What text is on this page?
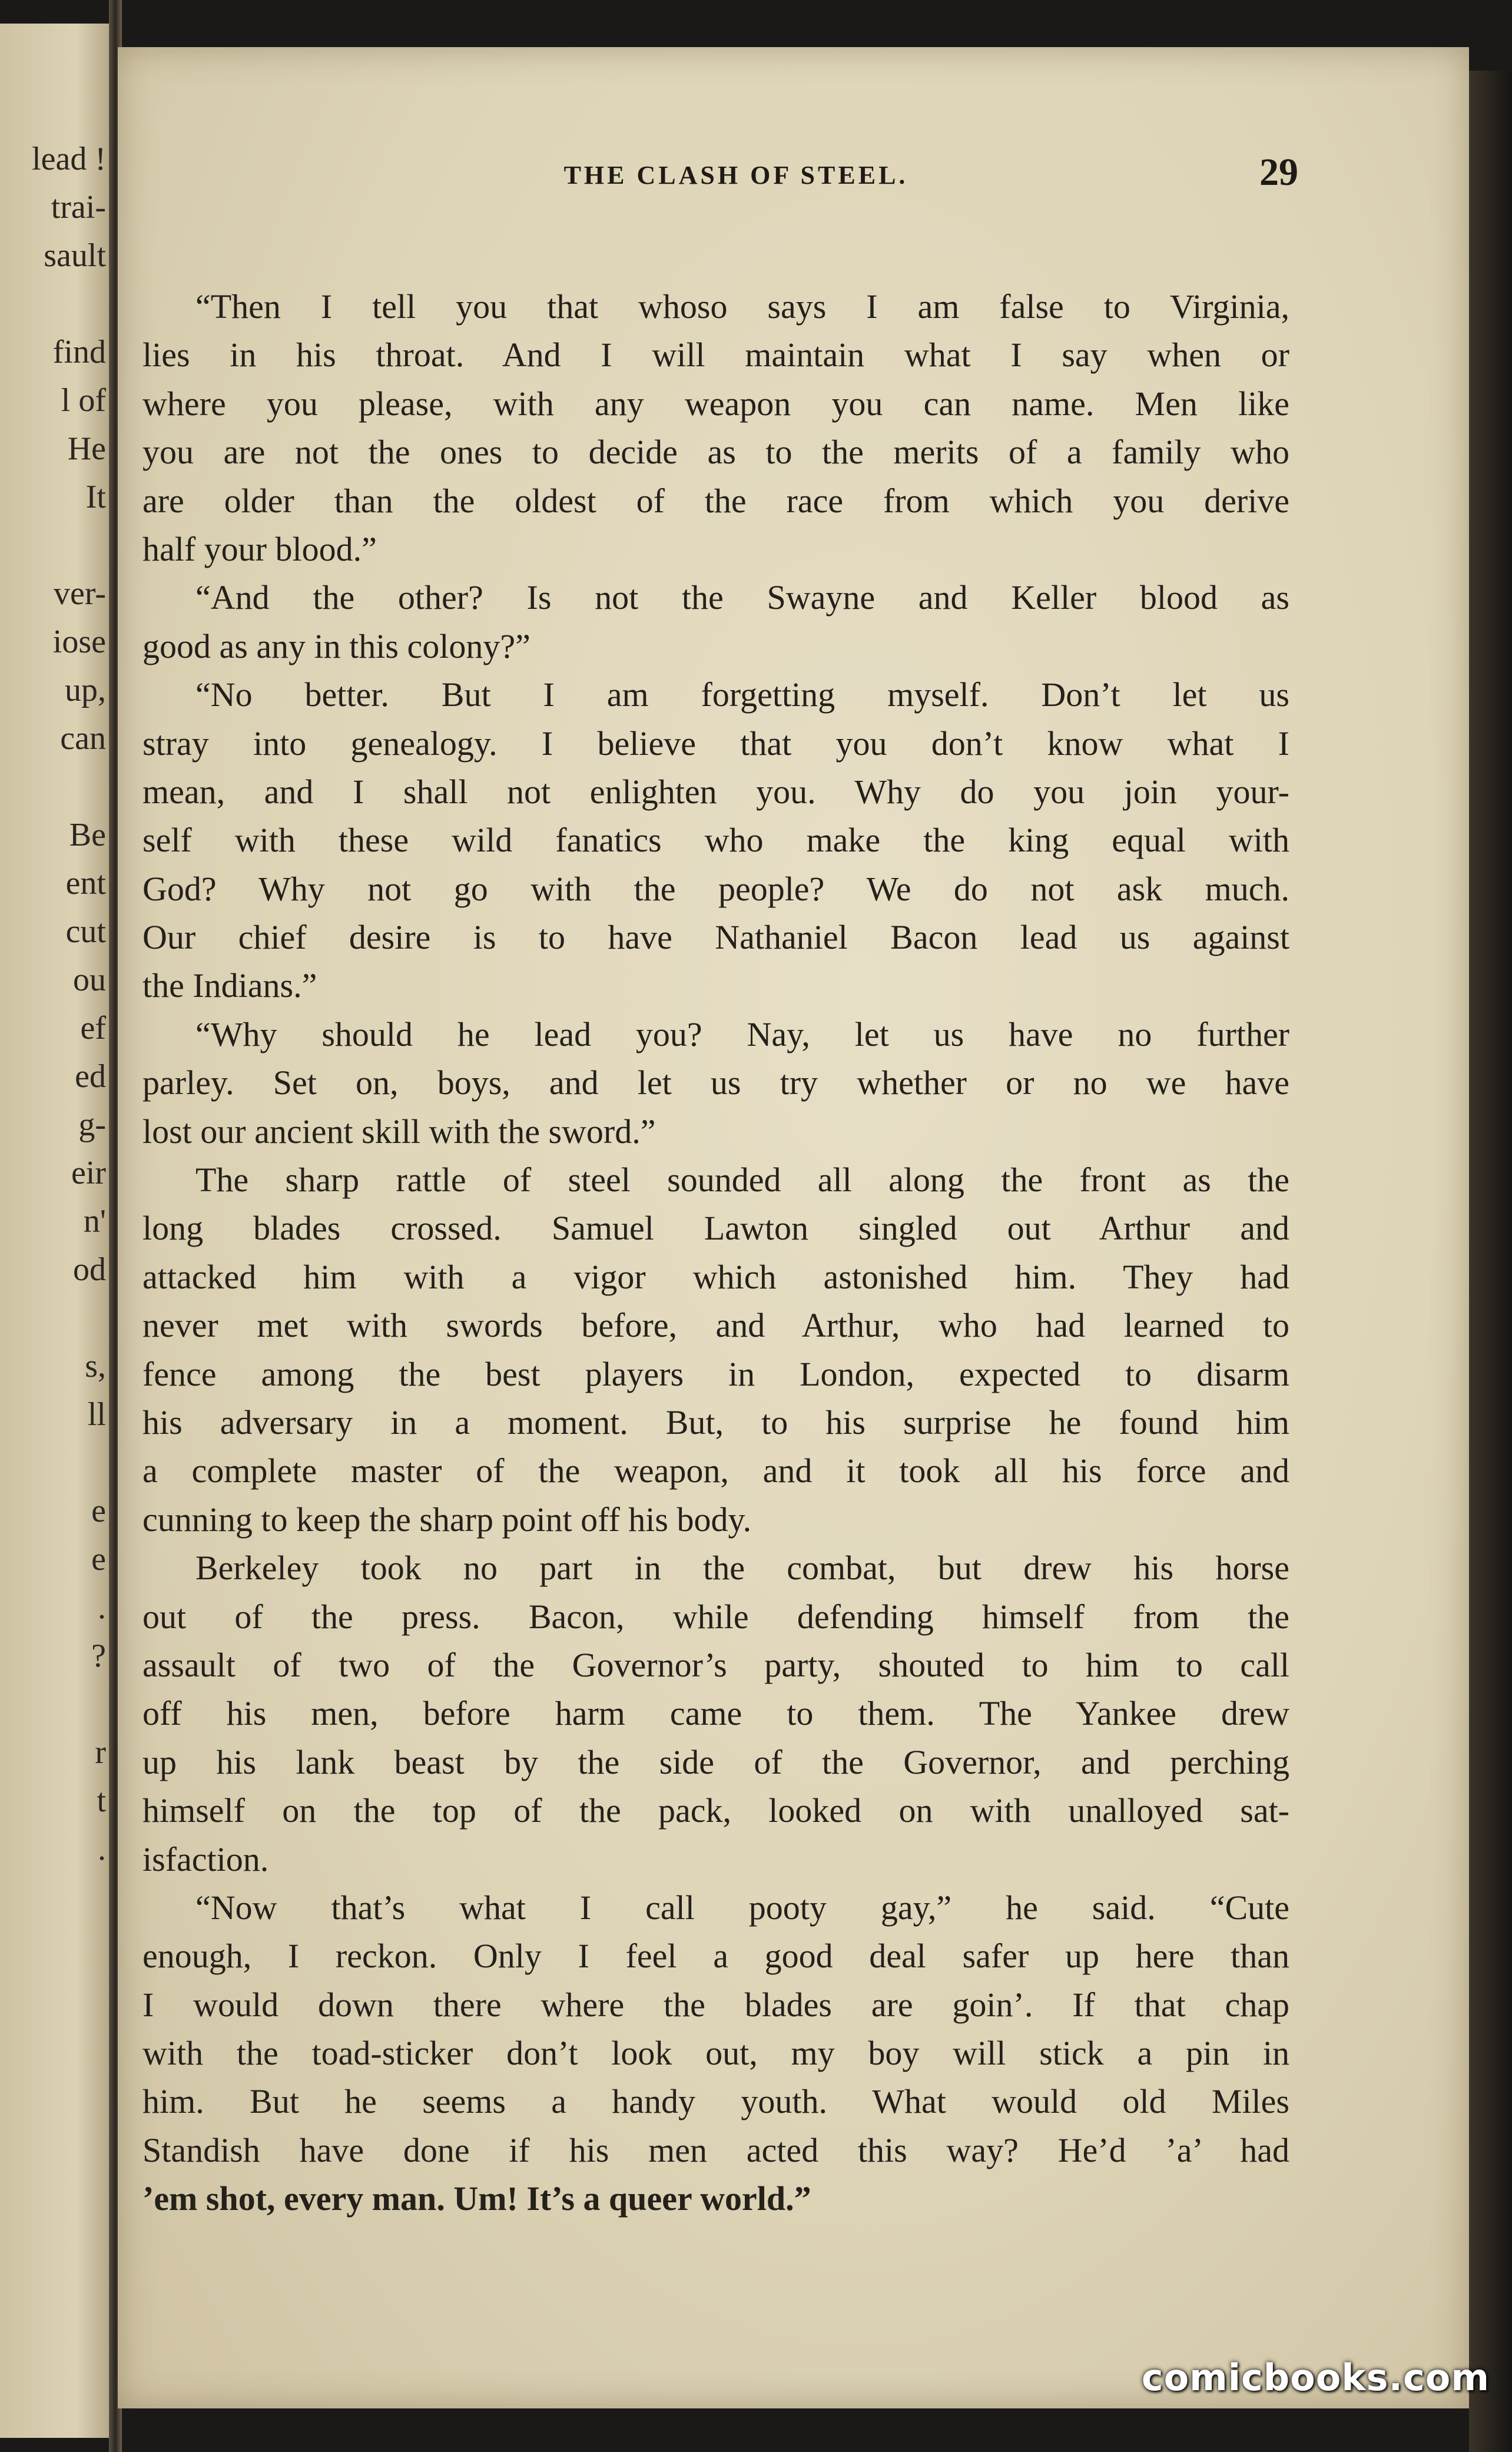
lead !
trai-
sault
find
l of
He
It
ver-
iose
up,
can
Be
ent
cut
ou
ef
ed
g-
eir
n'
od
s,
ll
e
e
.
?
r
t
.
THE CLASH OF STEEL.	29
“Then I tell you that whoso says I am false to Virginia,
lies in his throat. And I will maintain what I say when or
where you please, with any weapon you can name. Men like
you are not the ones to decide as to the merits of a family who
are older than the oldest of the race from which you derive
half your blood.”
“And the other? Is not the Swayne and Keller blood as
good as any in this colony?”
“No better. But I am forgetting myself. Don’t let us
stray into genealogy. I believe that you don’t know what I
mean, and I shall not enlighten you. Why do you join your-
self with these wild fanatics who make the king equal with
God? Why not go with the people? We do not ask much.
Our chief desire is to have Nathaniel Bacon lead us against
the Indians.”
“Why should he lead you? Nay, let us have no further
parley. Set on, boys, and let us try whether or no we have
lost our ancient skill with the sword.”
The sharp rattle of steel sounded all along the front as the
long blades crossed. Samuel Lawton singled out Arthur and
attacked him with a vigor which astonished him. They had
never met with swords before, and Arthur, who had learned to
fence among the best players in London, expected to disarm
his adversary in a moment. But, to his surprise he found him
a complete master of the weapon, and it took all his force and
cunning to keep the sharp point off his body.
Berkeley took no part in the combat, but drew his horse
out of the press. Bacon, while defending himself from the
assault of two of the Governor’s party, shouted to him to call
off his men, before harm came to them. The Yankee drew
up his lank beast by the side of the Governor, and perching
himself on the top of the pack, looked on with unalloyed sat-
isfaction.
“Now that’s what I call pooty gay,” he said. “Cute
enough, I reckon. Only I feel a good deal safer up here than
I would down there where the blades are goin’. If that chap
with the toad-sticker don’t look out, my boy will stick a pin in
him. But he seems a handy youth. What would old Miles
Standish have done if his men acted this way? He’d ’a’ had
’em shot, every man. Um! It’s a queer world.”
comicbooks.com
